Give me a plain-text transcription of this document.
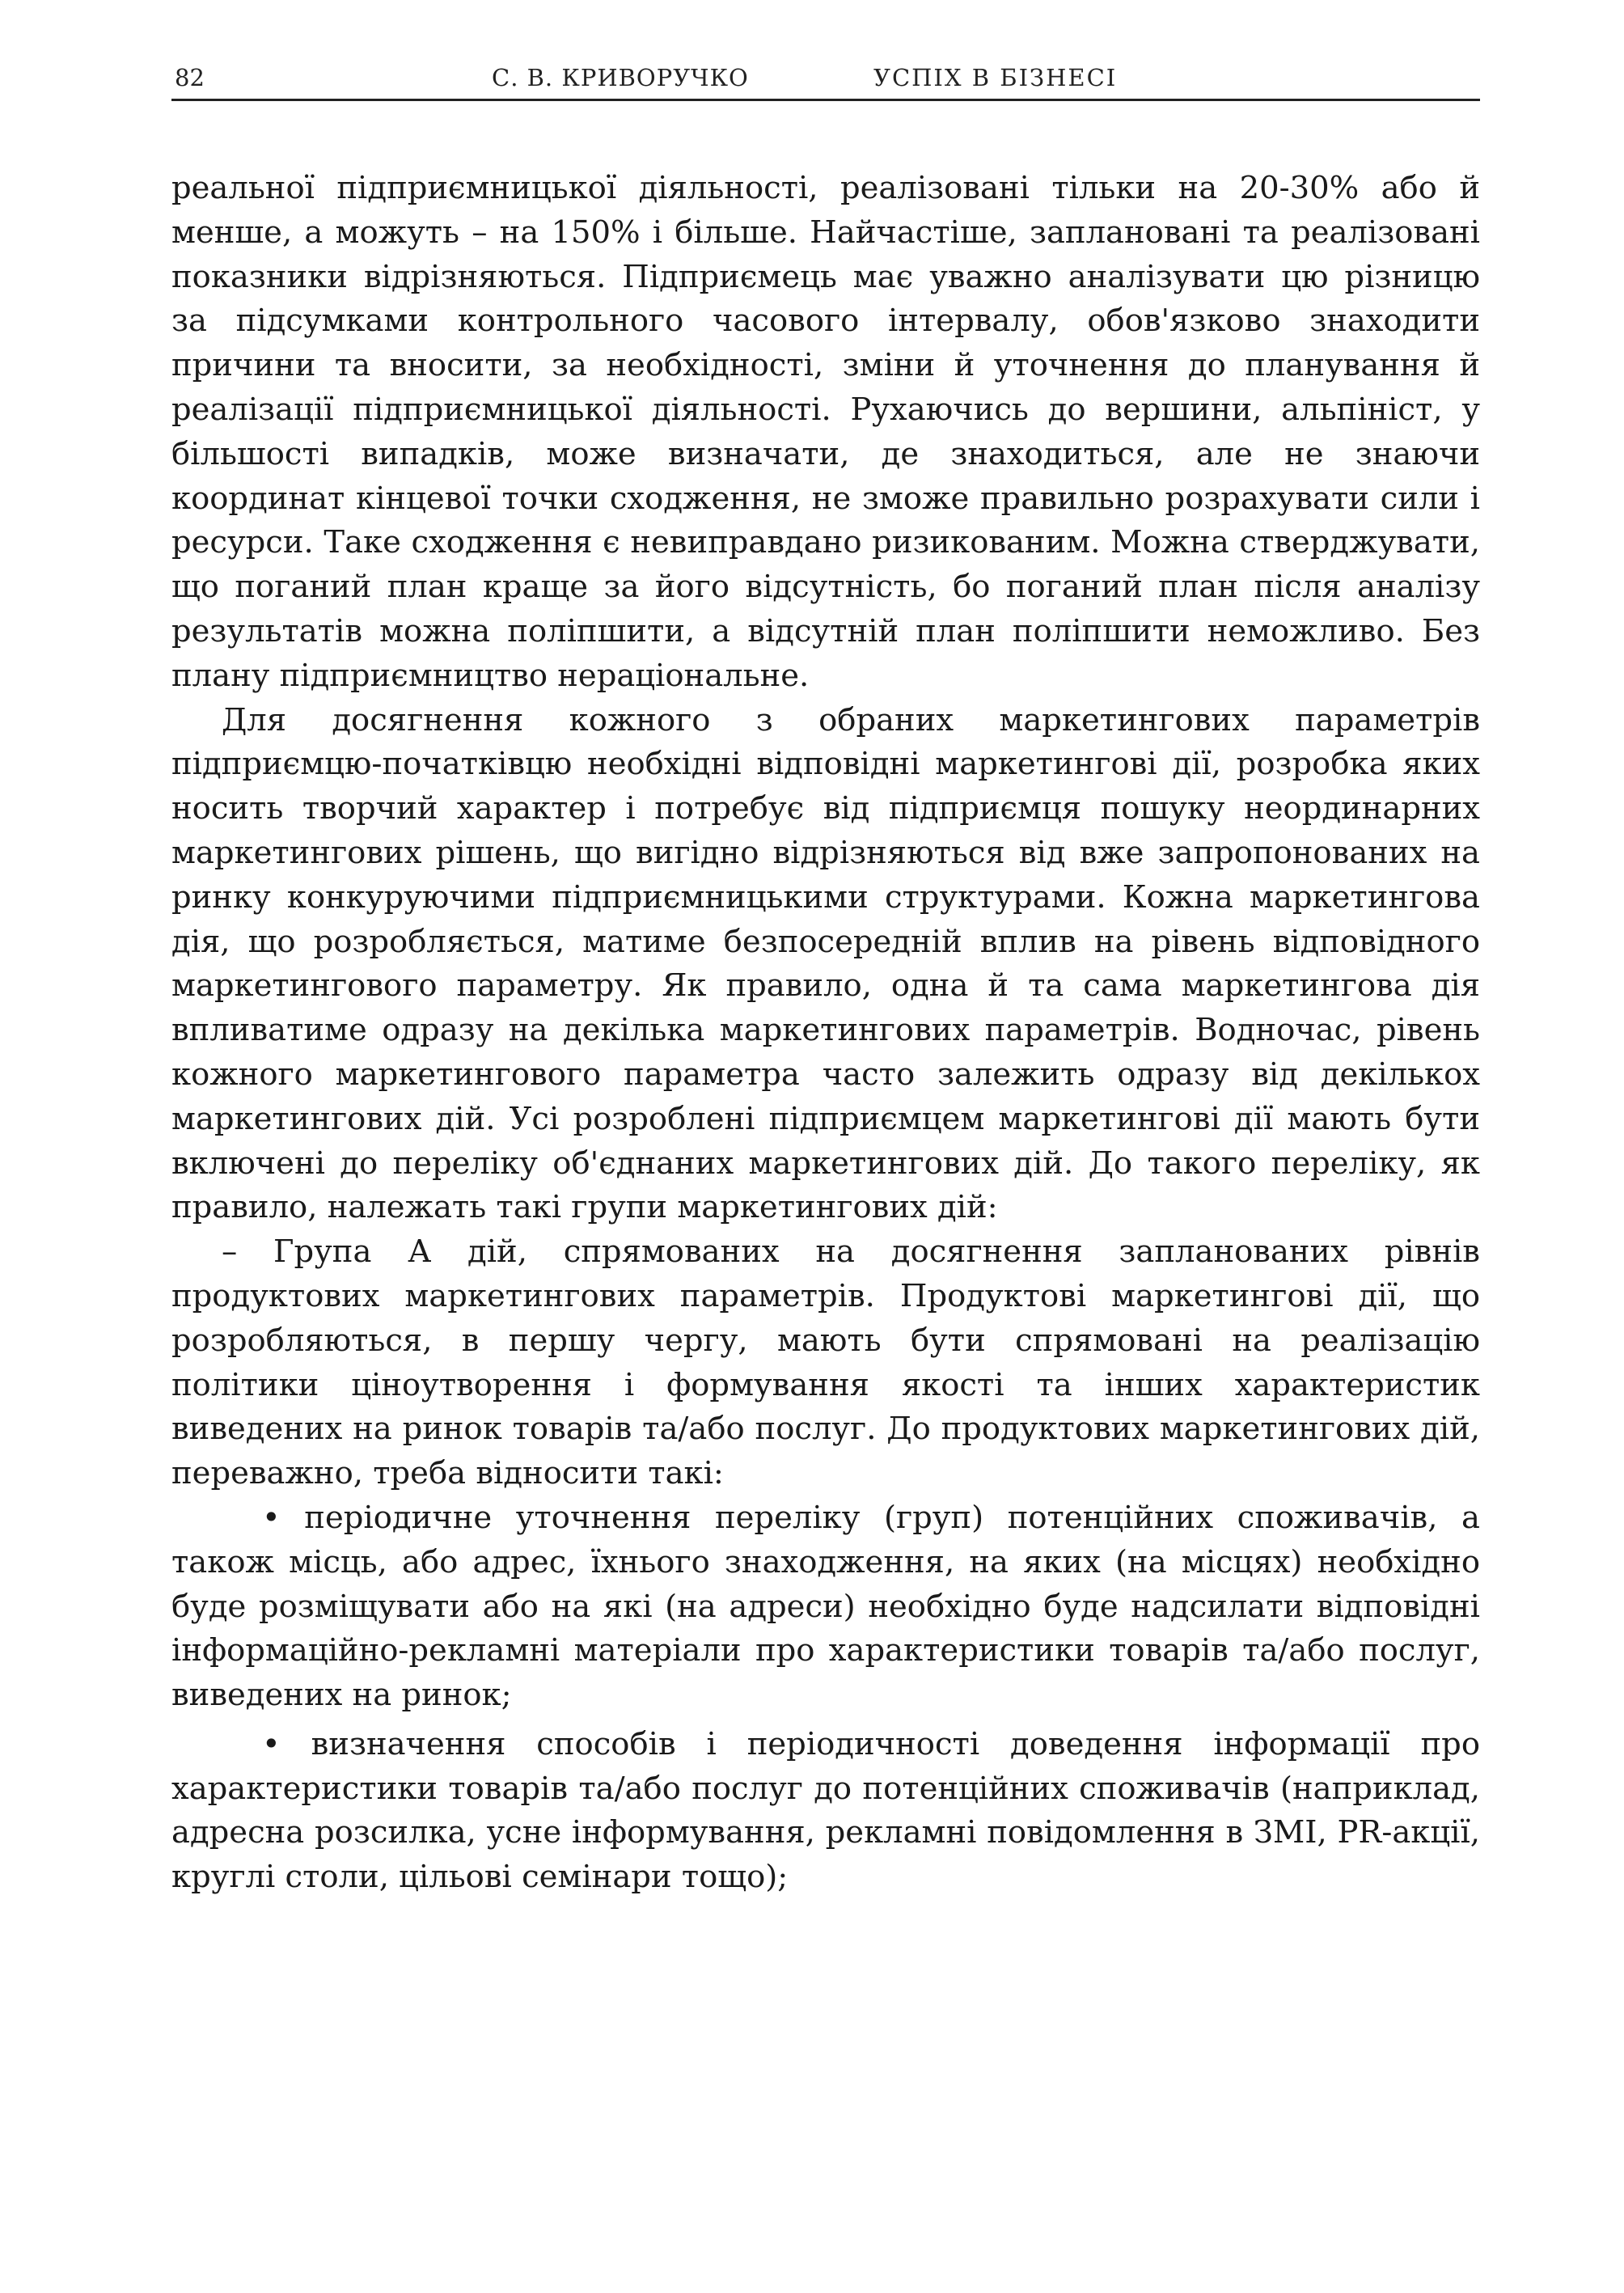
82	С. В. КРИВОРУЧКО	УСПІХ В БІЗНЕСІ

реальної підприємницької діяльності, реалізовані тільки на 20-30% або й менше, а можуть – на 150% і більше. Найчастіше, заплановані та реалізовані показники відрізняються. Підприємець має уважно аналізувати цю різницю за підсумками контрольного часового інтервалу, обов'язково знаходити причини та вносити, за необхідності, зміни й уточнення до планування й реалізації підприємницької діяльності. Рухаючись до вершини, альпініст, у більшості випадків, може визначати, де знаходиться, але не знаючи координат кінцевої точки сходження, не зможе правильно розрахувати сили і ресурси. Таке сходження є невиправдано ризикованим. Можна стверджувати, що поганий план краще за його відсутність, бо поганий план після аналізу результатів можна поліпшити, а відсутній план поліпшити неможливо. Без плану підприємництво нераціональне.

Для досягнення кожного з обраних маркетингових параметрів підприємцю-початківцю необхідні відповідні маркетингові дії, розробка яких носить творчий характер і потребує від підприємця пошуку неординарних маркетингових рішень, що вигідно відрізняються від вже запропонованих на ринку конкуруючими підприємницькими структурами. Кожна маркетингова дія, що розробляється, матиме безпосередній вплив на рівень відповідного маркетингового параметру. Як правило, одна й та сама маркетингова дія впливатиме одразу на декілька маркетингових параметрів. Водночас, рівень кожного маркетингового параметра часто залежить одразу від декількох маркетингових дій. Усі розроблені підприємцем маркетингові дії мають бути включені до переліку об'єднаних маркетингових дій. До такого переліку, як правило, належать такі групи маркетингових дій:

– Група А дій, спрямованих на досягнення запланованих рівнів продуктових маркетингових параметрів. Продуктові маркетингові дії, що розробляються, в першу чергу, мають бути спрямовані на реалізацію політики ціноутворення і формування якості та інших характеристик виведених на ринок товарів та/або послуг. До продуктових маркетингових дій, переважно, треба відносити такі:

• періодичне уточнення переліку (груп) потенційних споживачів, а також місць, або адрес, їхнього знаходження, на яких (на місцях) необхідно буде розміщувати або на які (на адреси) необхідно буде надсилати відповідні інформаційно-рекламні матеріали про характеристики товарів та/або послуг, виведених на ринок;

• визначення способів і періодичності доведення інформації про характеристики товарів та/або послуг до потенційних споживачів (наприклад, адресна розсилка, усне інформування, рекламні повідомлення в ЗМІ, PR-акції, круглі столи, цільові семінари тощо);
